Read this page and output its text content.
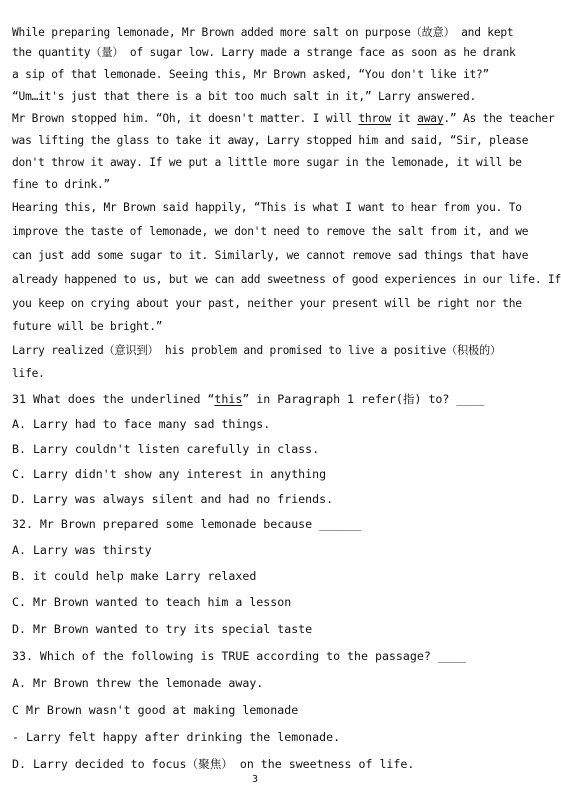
While preparing lemonade, Mr Brown added more salt on purpose（故意） and kept
the quantity（量） of sugar low. Larry made a strange face as soon as he drank
a sip of that lemonade. Seeing this, Mr Brown asked, “You don't like it?”
“Um…it's just that there is a bit too much salt in it,” Larry answered.
Mr Brown stopped him. “Oh, it doesn't matter. I will throw it away.” As the teacher
was lifting the glass to take it away, Larry stopped him and said, “Sir, please
don't throw it away. If we put a little more sugar in the lemonade, it will be
fine to drink.”
Hearing this, Mr Brown said happily, “This is what I want to hear from you. To
improve the taste of lemonade, we don't need to remove the salt from it, and we
can just add some sugar to it. Similarly, we cannot remove sad things that have
already happened to us, but we can add sweetness of good experiences in our life. If
you keep on crying about your past, neither your present will be right nor the
future will be bright.”
Larry realized（意识到） his problem and promised to live a positive（积极的）
life.
31 What does the underlined “this” in Paragraph 1 refer(指) to? ____
A. Larry had to face many sad things.
B. Larry couldn't listen carefully in class.
C. Larry didn't show any interest in anything
D. Larry was always silent and had no friends.
32. Mr Brown prepared some lemonade because ______
A. Larry was thirsty
B. it could help make Larry relaxed
C. Mr Brown wanted to teach him a lesson
D. Mr Brown wanted to try its special taste
33. Which of the following is TRUE according to the passage? ____
A. Mr Brown threw the lemonade away.
C Mr Brown wasn't good at making lemonade
- Larry felt happy after drinking the lemonade.
D. Larry decided to focus（聚焦） on the sweetness of life.
3
